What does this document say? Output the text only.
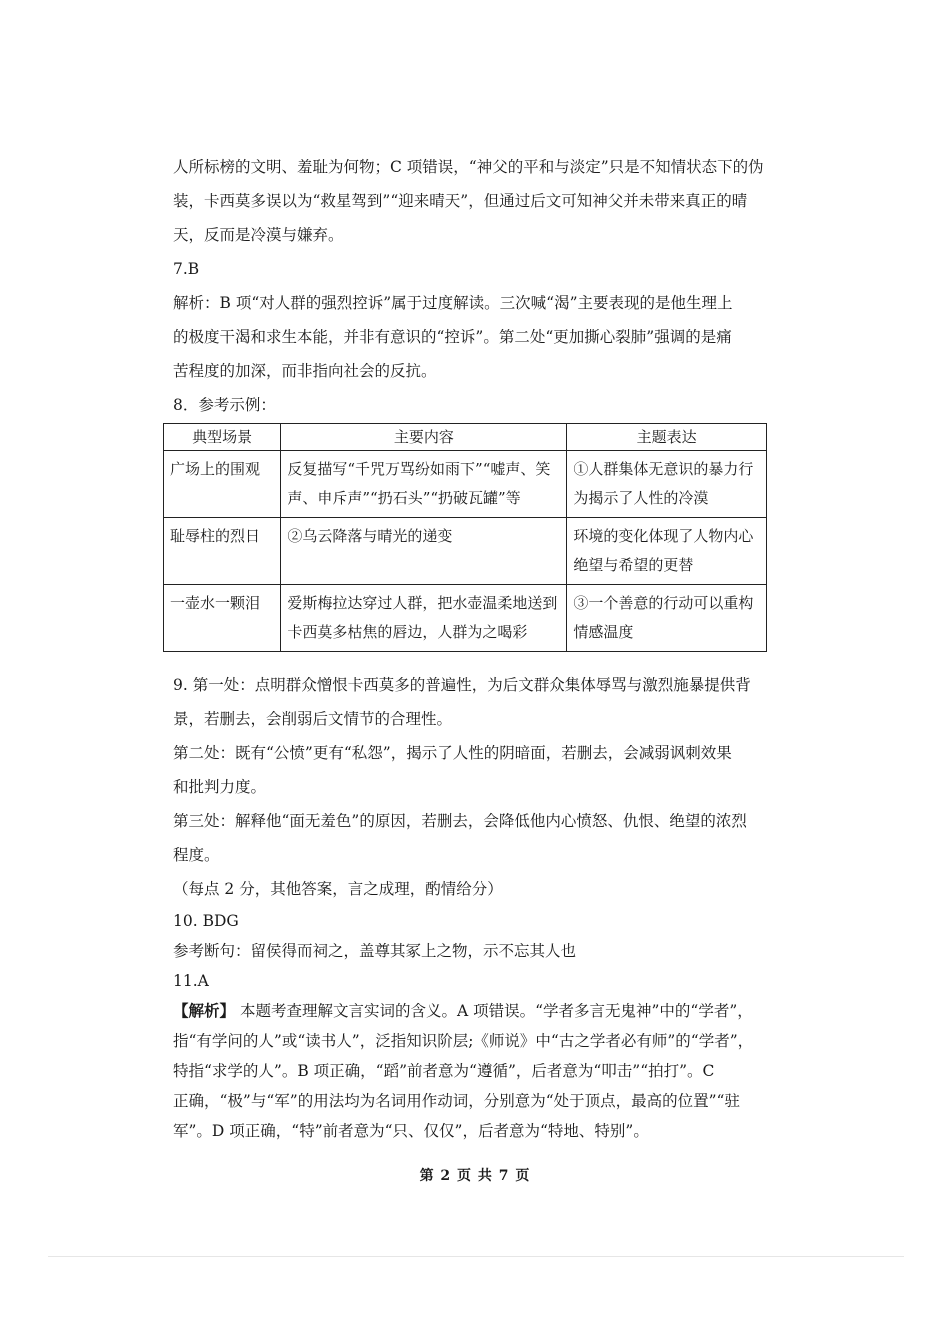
人所标榜的文明、羞耻为何物；C 项错误，“神父的平和与淡定”只是不知情状态下的伪

装，卡西莫多误以为“救星驾到”“迎来晴天”，但通过后文可知神父并未带来真正的晴

天，反而是冷漠与嫌弃。

7.B

解析：B 项“对人群的强烈控诉”属于过度解读。三次喊“渴”主要表现的是他生理上

的极度干渴和求生本能，并非有意识的“控诉”。第二处“更加撕心裂肺”强调的是痛

苦程度的加深，而非指向社会的反抗。

8．参考示例：

典型场景	主要内容	主题表达
广场上的围观	反复描写“千咒万骂纷如雨下”“嘘声、笑声、申斥声”“扔石头”“扔破瓦罐”等	①人群集体无意识的暴力行为揭示了人性的冷漠
耻辱柱的烈日	②乌云降落与晴光的递变	环境的变化体现了人物内心绝望与希望的更替
一壶水一颗泪	爱斯梅拉达穿过人群，把水壶温柔地送到卡西莫多枯焦的唇边，人群为之喝彩	③一个善意的行动可以重构情感温度

9. 第一处：点明群众憎恨卡西莫多的普遍性，为后文群众集体辱骂与激烈施暴提供背

景，若删去，会削弱后文情节的合理性。

第二处：既有“公愤”更有“私怨”，揭示了人性的阴暗面，若删去，会减弱讽刺效果

和批判力度。

第三处：解释他“面无羞色”的原因，若删去，会降低他内心愤怒、仇恨、绝望的浓烈

程度。

（每点 2 分，其他答案，言之成理，酌情给分）

10. BDG

参考断句：留侯得而祠之，盖尊其冢上之物，示不忘其人也

11.A

【解析】 本题考查理解文言实词的含义。A 项错误。“学者多言无鬼神”中的“学者”，

指“有学问的人”或“读书人”，泛指知识阶层;《师说》中“古之学者必有师”的“学者”，

特指“求学的人”。B 项正确，“蹈”前者意为“遵循”，后者意为“叩击”“拍打”。C

正确，“极”与“军”的用法均为名词用作动词，分别意为“处于顶点，最高的位置”“驻

军”。D 项正确，“特”前者意为“只、仅仅”，后者意为“特地、特别”。

第 2 页 共 7 页
